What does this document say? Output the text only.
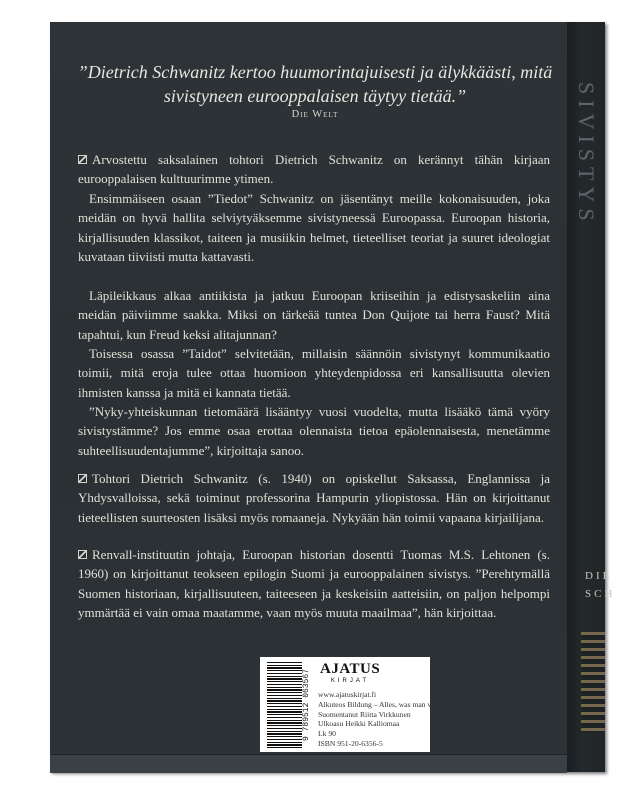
”Dietrich Schwanitz kertoo huumorintajuisesti ja älykkäästi, mitä sivistyneen eurooppalaisen täytyy tietää.”
Die Welt

Arvostettu saksalainen tohtori Dietrich Schwanitz on kerännyt tähän kirjaan eurooppalaisen kulttuurimme ytimen.

Ensimmäiseen osaan ”Tiedot” Schwanitz on jäsentänyt meille kokonaisuuden, joka meidän on hyvä hallita selviytyäksemme sivistyneessä Euroopassa. Euroopan historia, kirjallisuuden klassikot, taiteen ja musiikin helmet, tieteelliset teoriat ja suuret ideologiat kuvataan tiiviisti mutta kattavasti.

Läpileikkaus alkaa antiikista ja jatkuu Euroopan kriiseihin ja edistysaskeliin aina meidän päiviimme saakka. Miksi on tärkeää tuntea Don Quijote tai herra Faust? Mitä tapahtui, kun Freud keksi alitajunnan?

Toisessa osassa ”Taidot” selvitetään, millaisin säännöin sivistynyt kommunikaatio toimii, mitä eroja tulee ottaa huomioon yhteydenpidossa eri kansallisuutta olevien ihmisten kanssa ja mitä ei kannata tietää.

”Nyky-yhteiskunnan tietomäärä lisääntyy vuosi vuodelta, mutta lisääkö tämä vyöry sivistystämme? Jos emme osaa erottaa olennaista tietoa epäolennaisesta, menetämme suhteellisuudentajumme”, kirjoittaja sanoo.

Tohtori Dietrich Schwanitz (s. 1940) on opiskellut Saksassa, Englannissa ja Yhdysvalloissa, sekä toiminut professorina Hampurin yliopistossa. Hän on kirjoittanut tieteellisten suurteosten lisäksi myös romaaneja. Nykyään hän toimii vapaana kirjailijana.

Renvall-instituutin johtaja, Euroopan historian dosentti Tuomas M.S. Lehtonen (s. 1960) on kirjoittanut teokseen epilogin Suomi ja eurooppalainen sivistys. ”Perehtymällä Suomen historiaan, kirjallisuuteen, taiteeseen ja keskeisiin aatteisiin, on paljon helpompi ymmärtää ei vain omaa maatamme, vaan myös muuta maailmaa”, hän kirjoittaa.

9 789512 063567 AJATUS
KIRJAT
www.ajatuskirjat.fi
Alkuteos Bildung – Alles, was man wissen muss
Suomentanut Riitta Virkkunen
Ulkoasu Heikki Kalliomaa
Lk 90
ISBN 951-20-6356-5
SIVISTYS
DIE
SCH
